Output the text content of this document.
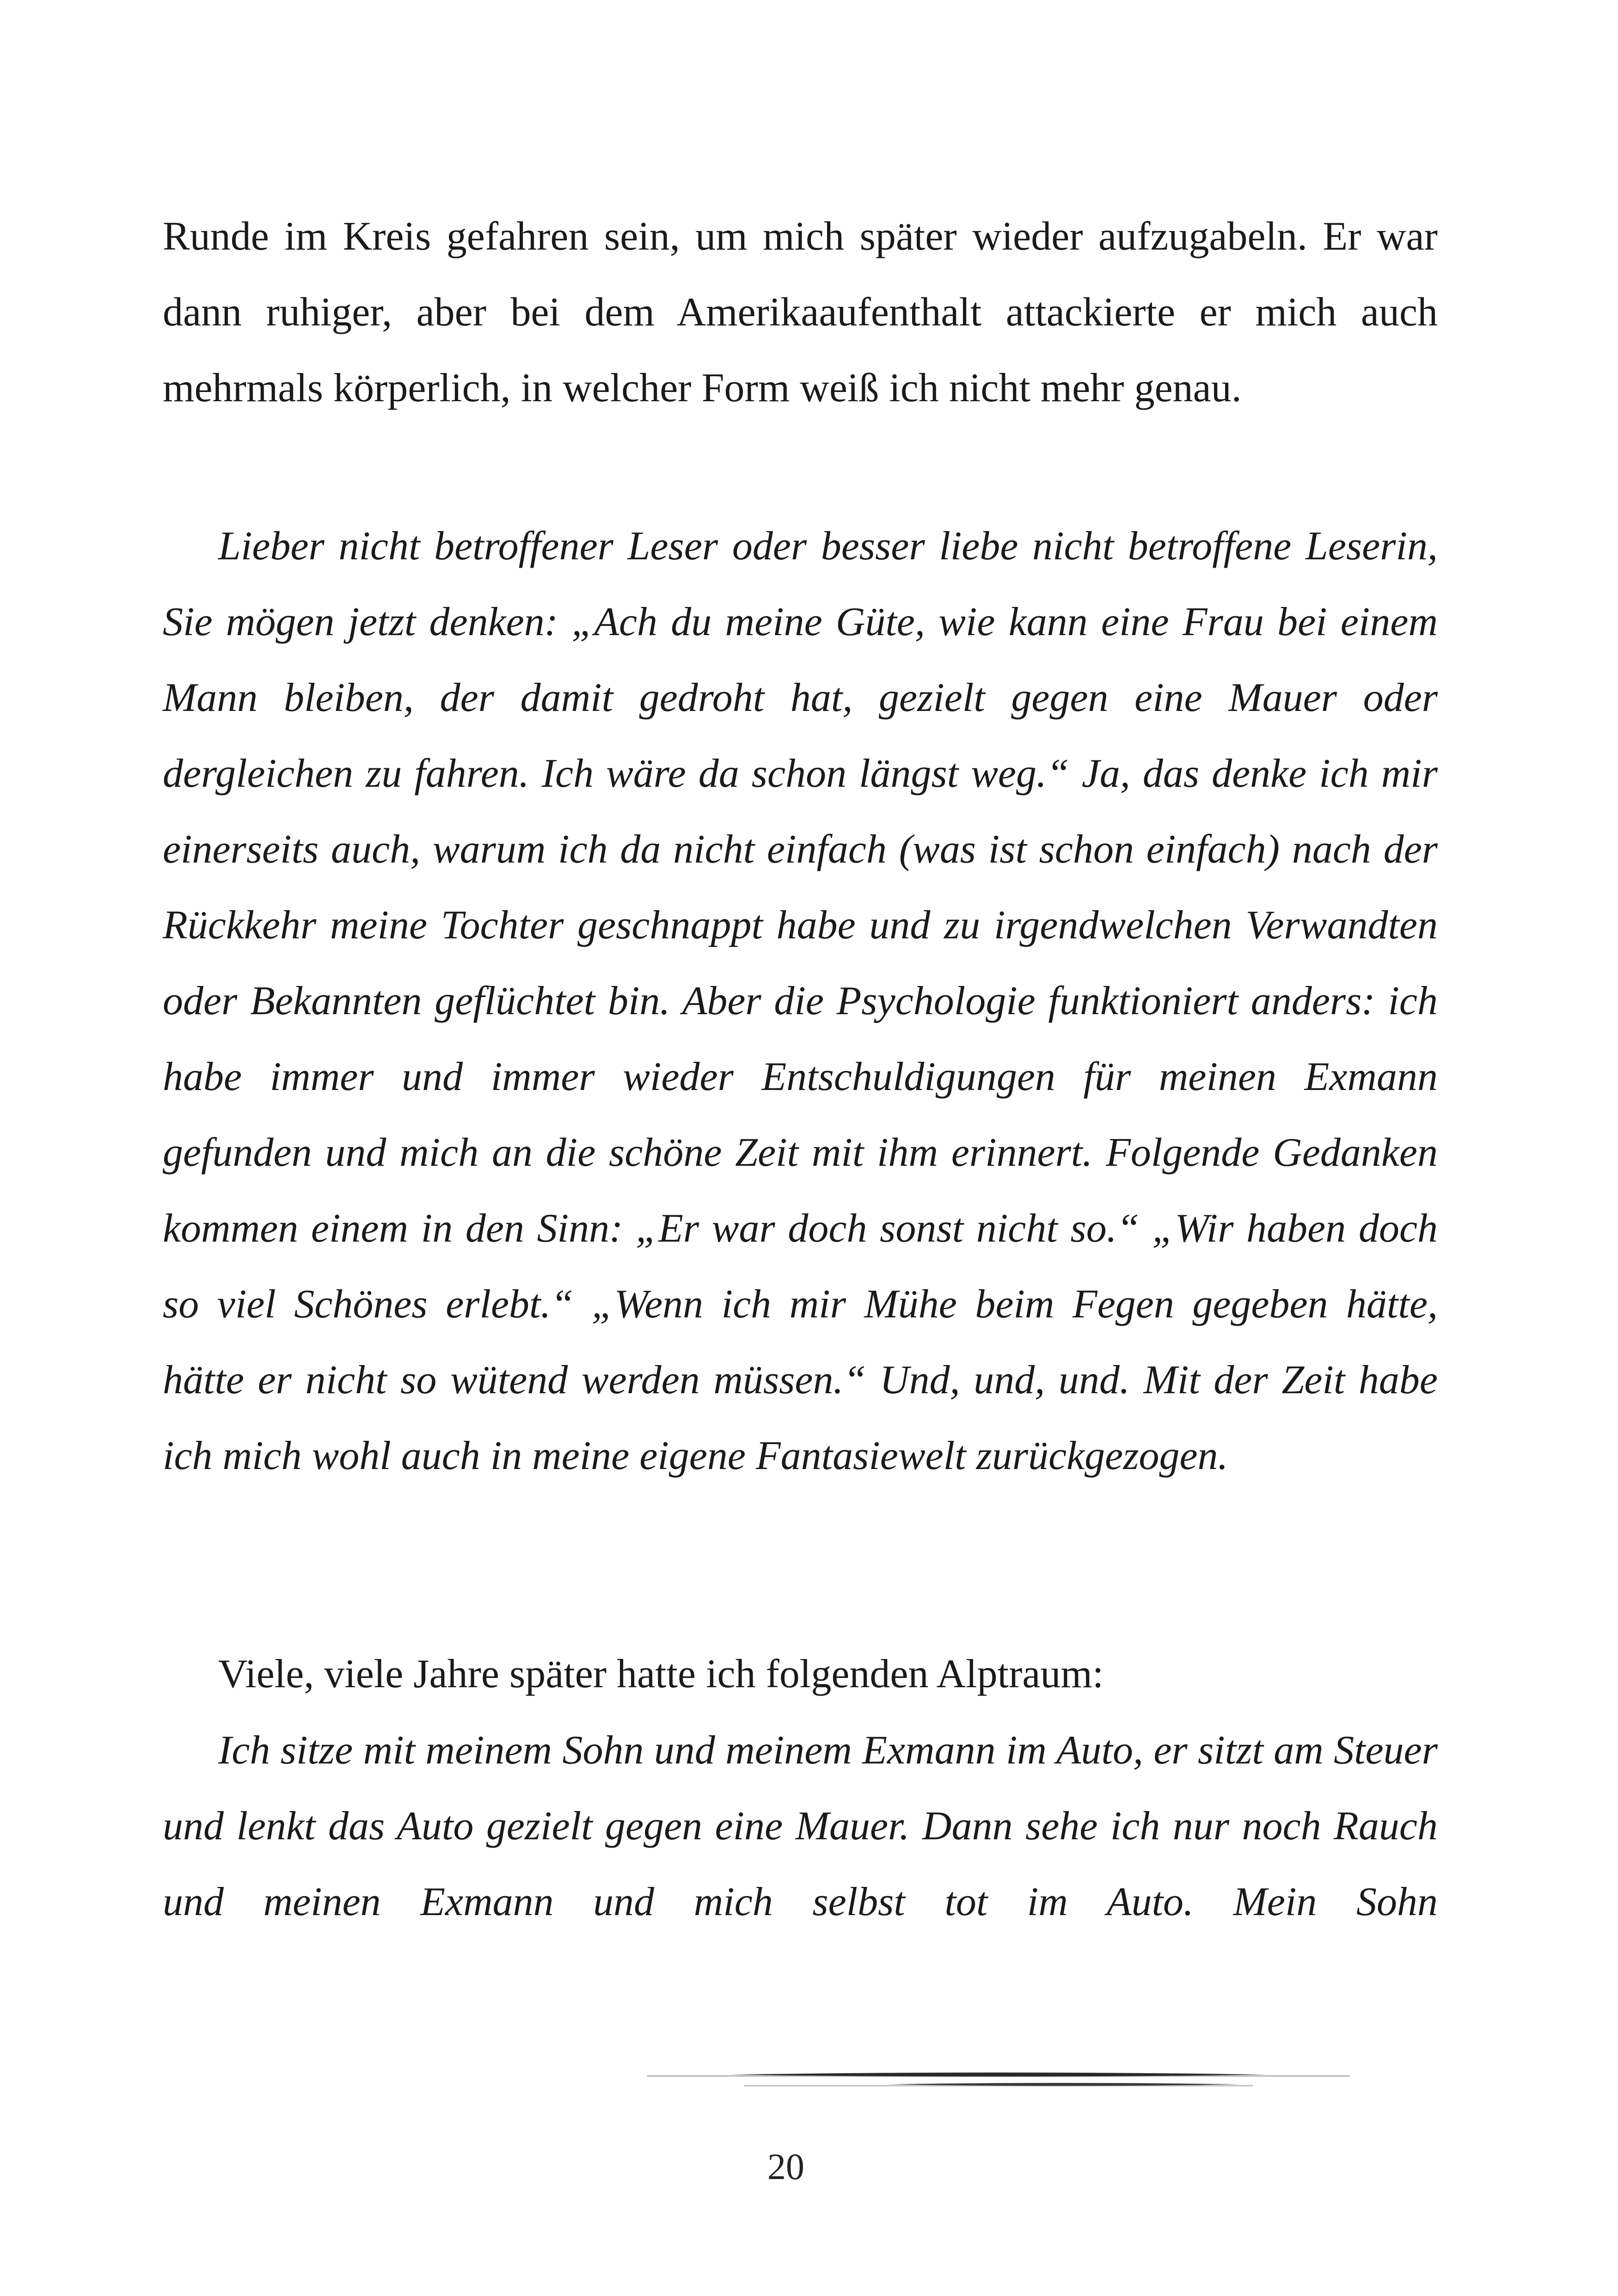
Runde im Kreis gefahren sein, um mich später wieder aufzugabeln. Er war dann ruhiger, aber bei dem Amerikaaufenthalt attackierte er mich auch mehrmals körperlich, in welcher Form weiß ich nicht mehr genau.

Lieber nicht betroffener Leser oder besser liebe nicht betroffene Leserin, Sie mögen jetzt denken: „Ach du meine Güte, wie kann eine Frau bei einem Mann bleiben, der damit gedroht hat, gezielt gegen eine Mauer oder dergleichen zu fahren. Ich wäre da schon längst weg.“ Ja, das denke ich mir einerseits auch, warum ich da nicht einfach (was ist schon einfach) nach der Rückkehr meine Tochter geschnappt habe und zu irgendwelchen Verwandten oder Bekannten geflüchtet bin. Aber die Psychologie funktioniert anders: ich habe immer und immer wieder Entschuldigungen für meinen Exmann gefunden und mich an die schöne Zeit mit ihm erinnert. Folgende Gedanken kommen einem in den Sinn: „Er war doch sonst nicht so.“ „Wir haben doch so viel Schönes erlebt.“ „Wenn ich mir Mühe beim Fegen gegeben hätte, hätte er nicht so wütend werden müssen.“ Und, und, und. Mit der Zeit habe ich mich wohl auch in meine eigene Fantasiewelt zurückgezogen.

Viele, viele Jahre später hatte ich folgenden Alptraum:

Ich sitze mit meinem Sohn und meinem Exmann im Auto, er sitzt am Steuer und lenkt das Auto gezielt gegen eine Mauer. Dann sehe ich nur noch Rauch und meinen Exmann und mich selbst tot im Auto. Mein Sohn

20
